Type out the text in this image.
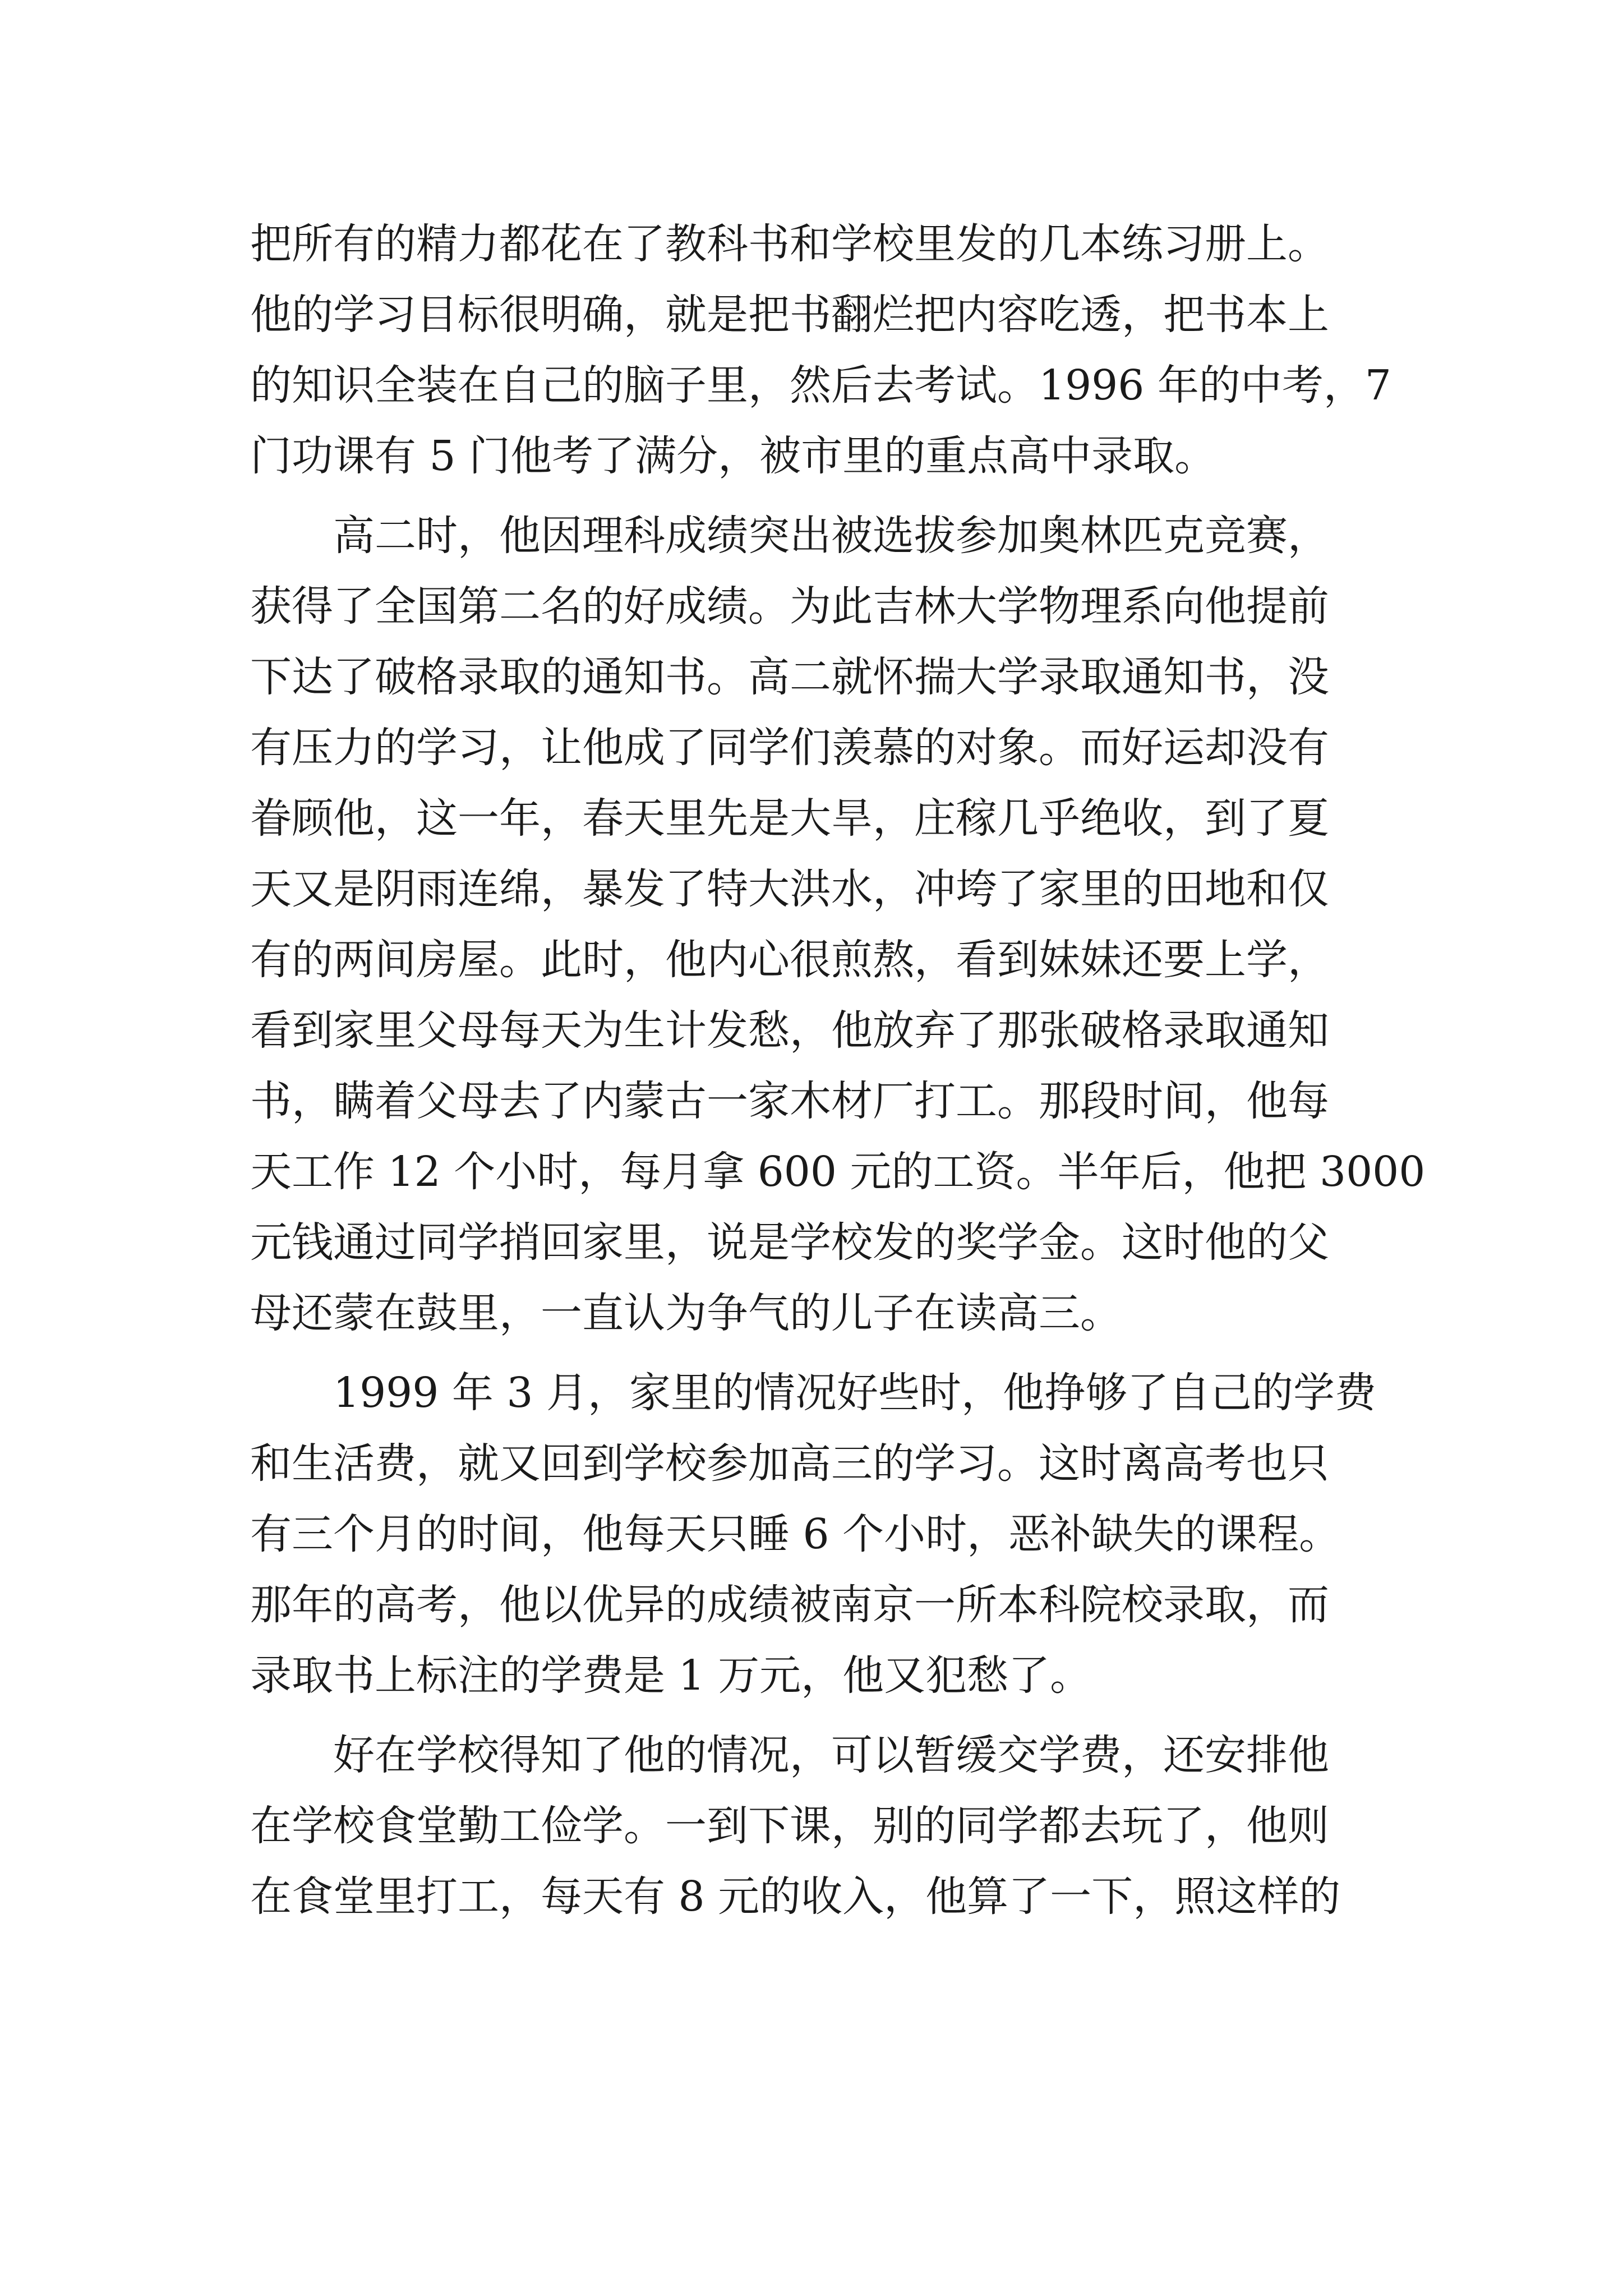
把所有的精力都花在了教科书和学校里发的几本练习册上。
他的学习目标很明确，就是把书翻烂把内容吃透，把书本上
的知识全装在自己的脑子里，然后去考试。1996 年的中考，7
门功课有 5 门他考了满分，被市里的重点高中录取。
高二时，他因理科成绩突出被选拔参加奥林匹克竞赛，
获得了全国第二名的好成绩。为此吉林大学物理系向他提前
下达了破格录取的通知书。高二就怀揣大学录取通知书，没
有压力的学习，让他成了同学们羡慕的对象。而好运却没有
眷顾他，这一年，春天里先是大旱，庄稼几乎绝收，到了夏
天又是阴雨连绵，暴发了特大洪水，冲垮了家里的田地和仅
有的两间房屋。此时，他内心很煎熬，看到妹妹还要上学，
看到家里父母每天为生计发愁，他放弃了那张破格录取通知
书，瞒着父母去了内蒙古一家木材厂打工。那段时间，他每
天工作 12 个小时，每月拿 600 元的工资。半年后，他把 3000
元钱通过同学捎回家里，说是学校发的奖学金。这时他的父
母还蒙在鼓里，一直认为争气的儿子在读高三。
1999 年 3 月，家里的情况好些时，他挣够了自己的学费
和生活费，就又回到学校参加高三的学习。这时离高考也只
有三个月的时间，他每天只睡 6 个小时，恶补缺失的课程。
那年的高考，他以优异的成绩被南京一所本科院校录取，而
录取书上标注的学费是 1 万元，他又犯愁了。
好在学校得知了他的情况，可以暂缓交学费，还安排他
在学校食堂勤工俭学。一到下课，别的同学都去玩了，他则
在食堂里打工，每天有 8 元的收入，他算了一下，照这样的
